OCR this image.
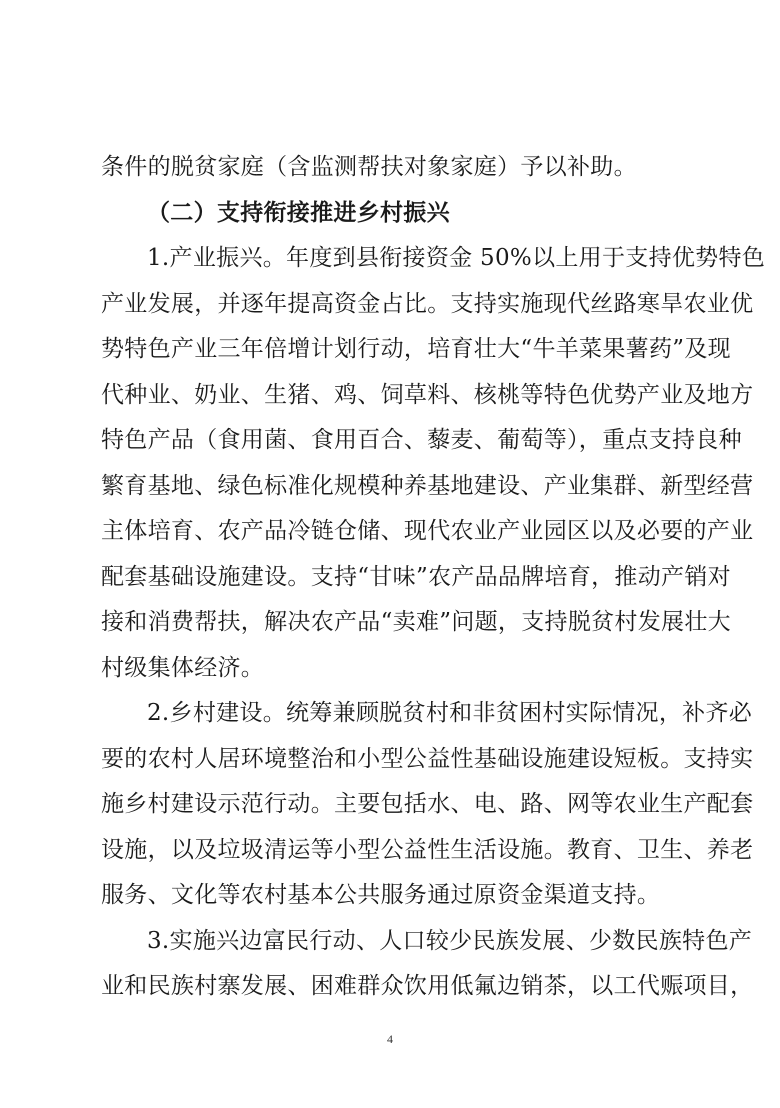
条件的脱贫家庭（含监测帮扶对象家庭）予以补助。
（二）支持衔接推进乡村振兴
1.产业振兴。年度到县衔接资金 50%以上用于支持优势特色
产业发展，并逐年提高资金占比。支持实施现代丝路寒旱农业优
势特色产业三年倍增计划行动，培育壮大“牛羊菜果薯药”及现
代种业、奶业、生猪、鸡、饲草料、核桃等特色优势产业及地方
特色产品（食用菌、食用百合、藜麦、葡萄等），重点支持良种
繁育基地、绿色标准化规模种养基地建设、产业集群、新型经营
主体培育、农产品冷链仓储、现代农业产业园区以及必要的产业
配套基础设施建设。支持“甘味”农产品品牌培育，推动产销对
接和消费帮扶，解决农产品“卖难”问题，支持脱贫村发展壮大
村级集体经济。
2.乡村建设。统筹兼顾脱贫村和非贫困村实际情况，补齐必
要的农村人居环境整治和小型公益性基础设施建设短板。支持实
施乡村建设示范行动。主要包括水、电、路、网等农业生产配套
设施，以及垃圾清运等小型公益性生活设施。教育、卫生、养老
服务、文化等农村基本公共服务通过原资金渠道支持。
3.实施兴边富民行动、人口较少民族发展、少数民族特色产
业和民族村寨发展、困难群众饮用低氟边销茶，以工代赈项目，
4
